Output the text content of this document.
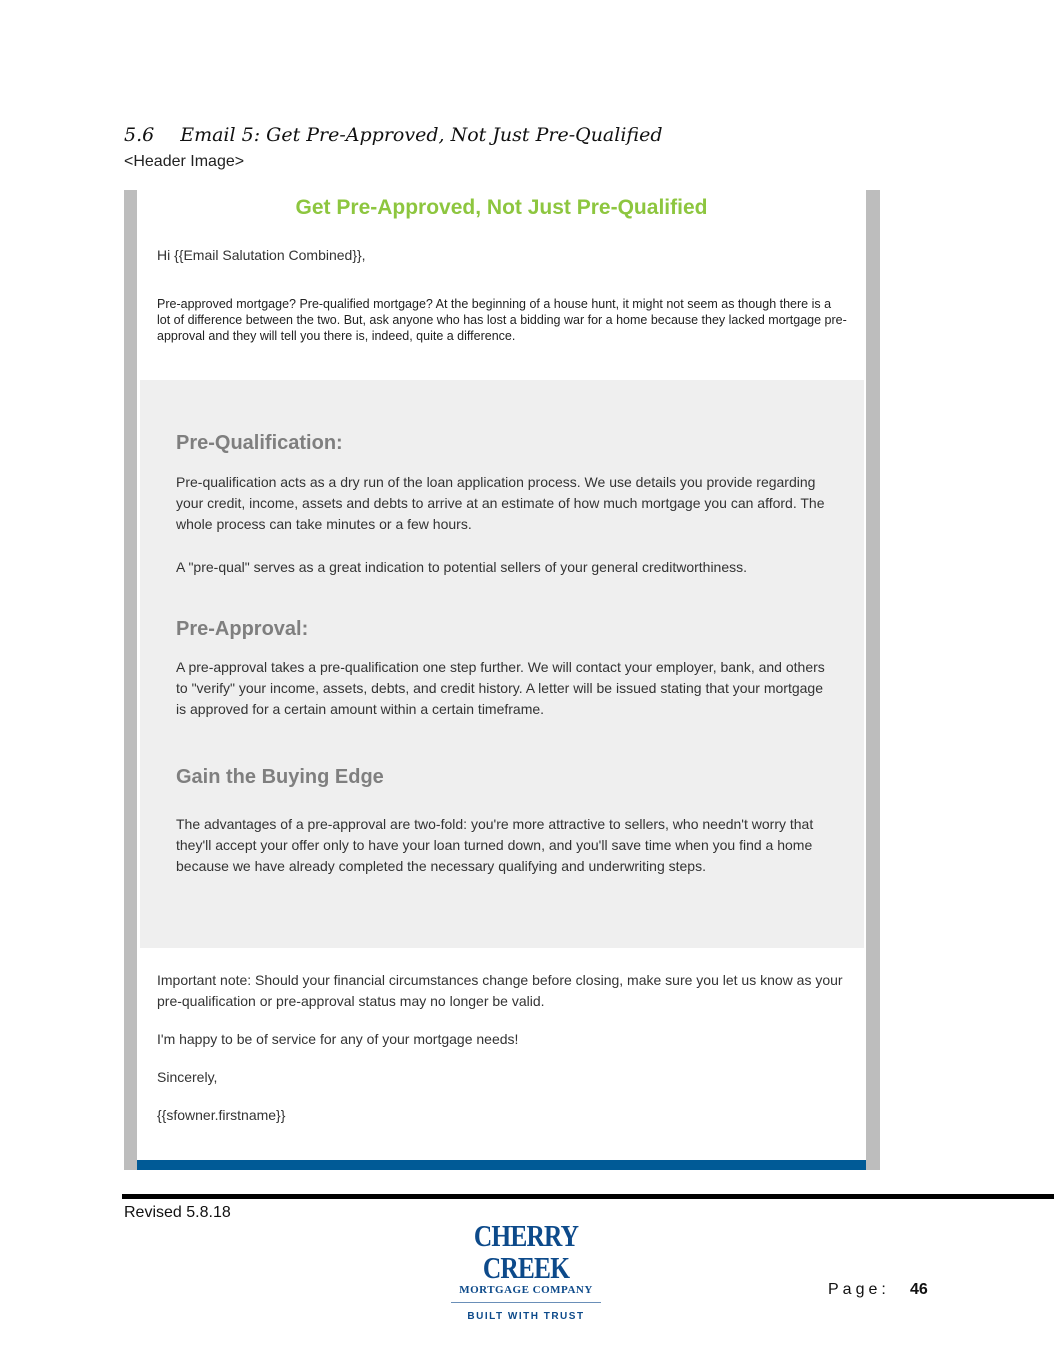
5.6 Email 5: Get Pre-Approved, Not Just Pre-Qualified
<Header Image>
Get Pre-Approved, Not Just Pre-Qualified
Hi {{Email Salutation Combined}},
Pre-approved mortgage? Pre-qualified mortgage? At the beginning of a house hunt, it might not seem as though there is a lot of difference between the two. But, ask anyone who has lost a bidding war for a home because they lacked mortgage pre-approval and they will tell you there is, indeed, quite a difference.
Pre-Qualification:
Pre-qualification acts as a dry run of the loan application process. We use details you provide regarding your credit, income, assets and debts to arrive at an estimate of how much mortgage you can afford. The whole process can take minutes or a few hours.
A "pre-qual" serves as a great indication to potential sellers of your general creditworthiness.
Pre-Approval:
A pre-approval takes a pre-qualification one step further. We will contact your employer, bank, and others to "verify" your income, assets, debts, and credit history. A letter will be issued stating that your mortgage is approved for a certain amount within a certain timeframe.
Gain the Buying Edge
The advantages of a pre-approval are two-fold: you're more attractive to sellers, who needn't worry that they'll accept your offer only to have your loan turned down, and you'll save time when you find a home because we have already completed the necessary qualifying and underwriting steps.
Important note: Should your financial circumstances change before closing, make sure you let us know as your pre-qualification or pre-approval status may no longer be valid.
I'm happy to be of service for any of your mortgage needs!
Sincerely,
{{sfowner.firstname}}
Revised 5.8.18
CHERRY CREEK
MORTGAGE COMPANY
BUILT WITH TRUST
Page: 46
